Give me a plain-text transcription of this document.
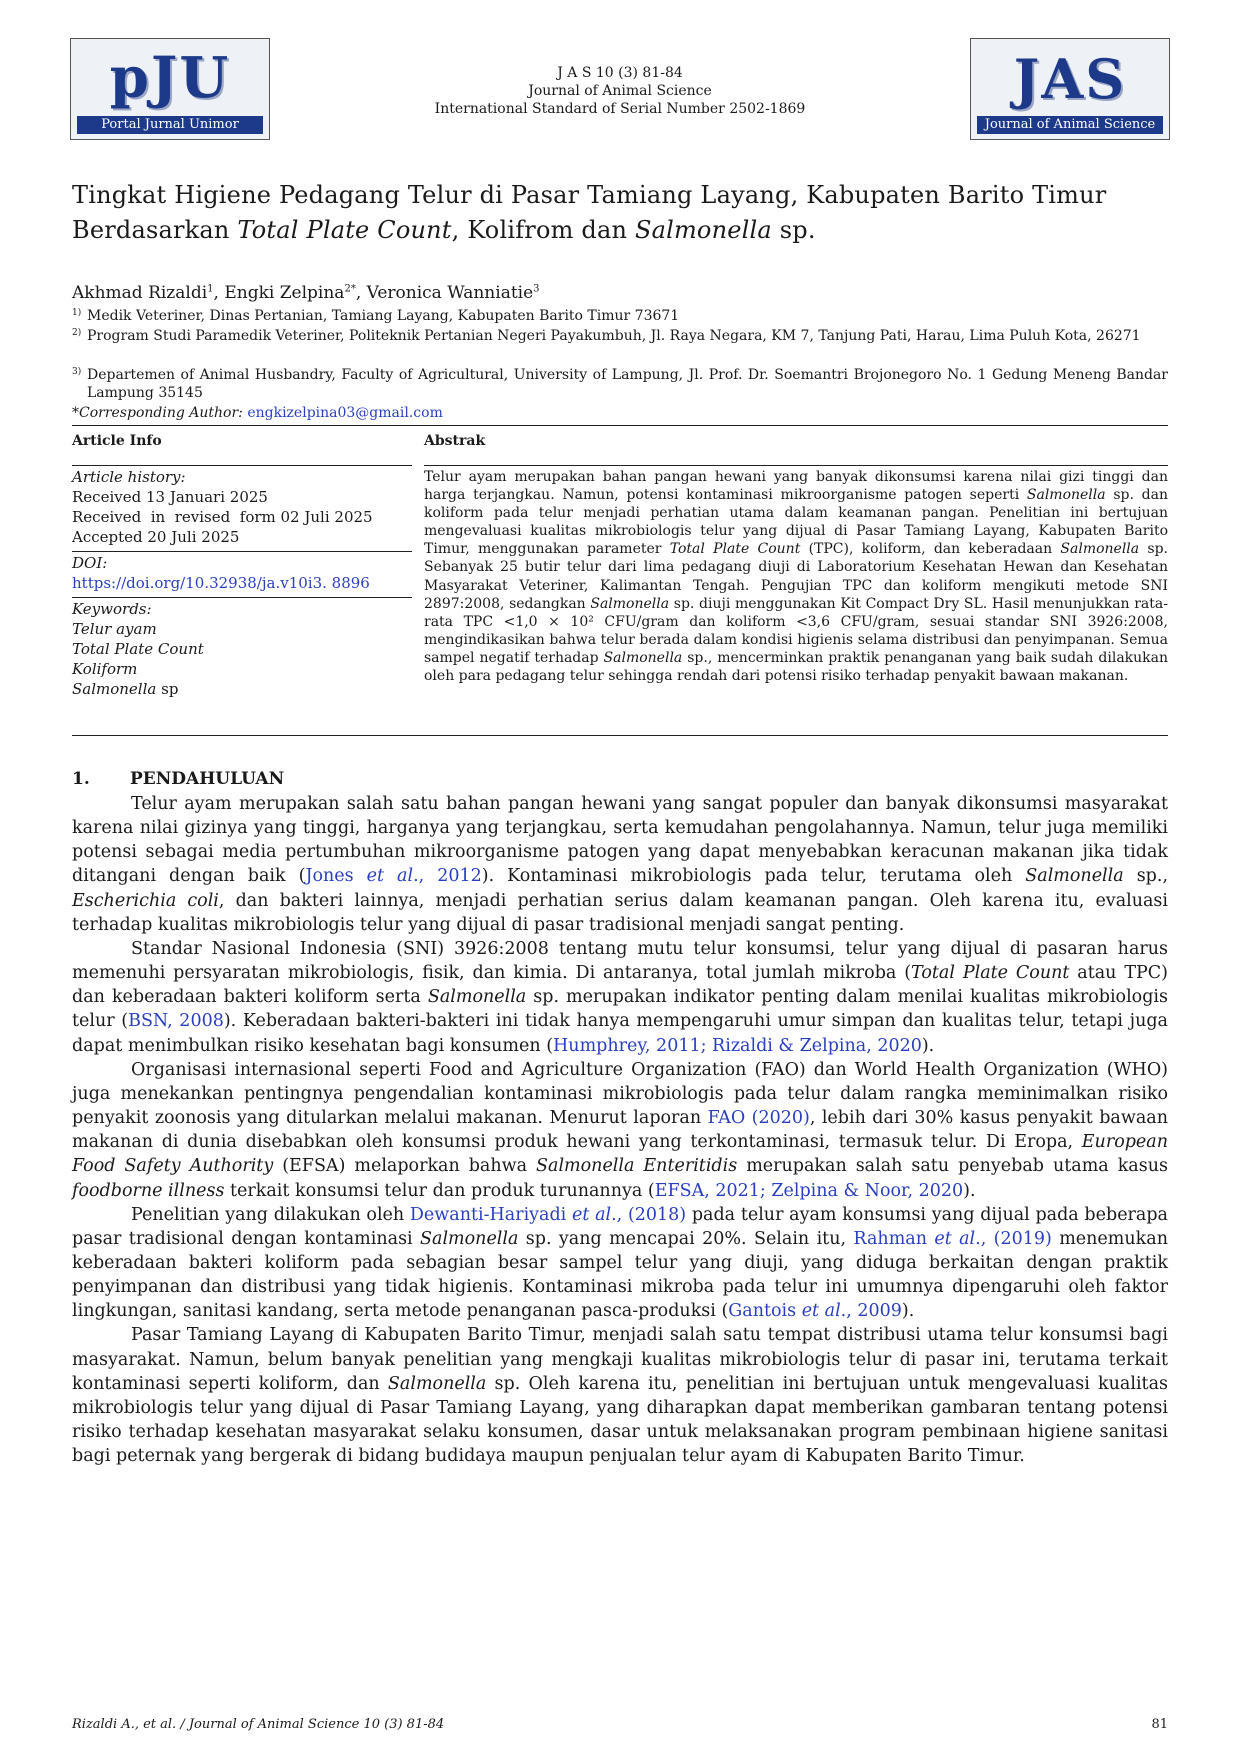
pJU
Portal Jurnal Unimor
J A S 10 (3) 81-84
Journal of Animal Science
International Standard of Serial Number 2502-1869	JAS
Journal of Animal Science
Tingkat Higiene Pedagang Telur di Pasar Tamiang Layang, Kabupaten Barito Timur
Berdasarkan Total Plate Count, Kolifrom dan Salmonella sp.
Akhmad Rizaldi$^1$, Engki Zelpina$^{2*}$, Veronica Wanniatie$^3$
1) Medik Veteriner, Dinas Pertanian, Tamiang Layang, Kabupaten Barito Timur 73671
2) Program Studi Paramedik Veteriner, Politeknik Pertanian Negeri Payakumbuh, Jl. Raya Negara, KM 7, Tanjung Pati, Harau, Lima Puluh Kota, 26271
3) Departemen of Animal Husbandry, Faculty of Agricultural, University of Lampung, Jl. Prof. Dr. Soemantri Brojonegoro No. 1 Gedung Meneng Bandar Lampung 35145
*Corresponding Author: engkizelpina03@gmail.com
Article Info	Abstrak
Article history:
Received 13 Januari 2025
Received  in  revised  form 02 Juli 2025
Accepted 20 Juli 2025
DOI:
https://doi.org/10.32938/ja.v10i3. 8896
Keywords:
Telur ayam
Total Plate Count
Koliform
Salmonella sp
Telur ayam merupakan bahan pangan hewani yang banyak dikonsumsi karena nilai gizi tinggi dan harga terjangkau. Namun, potensi kontaminasi mikroorganisme patogen seperti Salmonella sp. dan koliform pada telur menjadi perhatian utama dalam keamanan pangan. Penelitian ini bertujuan mengevaluasi kualitas mikrobiologis telur yang dijual di Pasar Tamiang Layang, Kabupaten Barito Timur, menggunakan parameter Total Plate Count (TPC), koliform, dan keberadaan Salmonella sp. Sebanyak 25 butir telur dari lima pedagang diuji di Laboratorium Kesehatan Hewan dan Kesehatan Masyarakat Veteriner, Kalimantan Tengah. Pengujian TPC dan koliform mengikuti metode SNI 2897:2008, sedangkan Salmonella sp. diuji menggunakan Kit Compact Dry SL. Hasil menunjukkan rata-rata TPC <1,0 × 10² CFU/gram dan koliform <3,6 CFU/gram, sesuai standar SNI 3926:2008, mengindikasikan bahwa telur berada dalam kondisi higienis selama distribusi dan penyimpanan. Semua sampel negatif terhadap Salmonella sp., mencerminkan praktik penanganan yang baik sudah dilakukan oleh para pedagang telur sehingga rendah dari potensi risiko terhadap penyakit bawaan makanan.
1. PENDAHULUAN

Telur ayam merupakan salah satu bahan pangan hewani yang sangat populer dan banyak dikonsumsi masyarakat karena nilai gizinya yang tinggi, harganya yang terjangkau, serta kemudahan pengolahannya. Namun, telur juga memiliki potensi sebagai media pertumbuhan mikroorganisme patogen yang dapat menyebabkan keracunan makanan jika tidak ditangani dengan baik (Jones et al., 2012). Kontaminasi mikrobiologis pada telur, terutama oleh Salmonella sp., Escherichia coli, dan bakteri lainnya, menjadi perhatian serius dalam keamanan pangan. Oleh karena itu, evaluasi terhadap kualitas mikrobiologis telur yang dijual di pasar tradisional menjadi sangat penting.

Standar Nasional Indonesia (SNI) 3926:2008 tentang mutu telur konsumsi, telur yang dijual di pasaran harus memenuhi persyaratan mikrobiologis, fisik, dan kimia. Di antaranya, total jumlah mikroba (Total Plate Count atau TPC) dan keberadaan bakteri koliform serta Salmonella sp. merupakan indikator penting dalam menilai kualitas mikrobiologis telur (BSN, 2008). Keberadaan bakteri-bakteri ini tidak hanya mempengaruhi umur simpan dan kualitas telur, tetapi juga dapat menimbulkan risiko kesehatan bagi konsumen (Humphrey, 2011; Rizaldi & Zelpina, 2020).

Organisasi internasional seperti Food and Agriculture Organization (FAO) dan World Health Organization (WHO) juga menekankan pentingnya pengendalian kontaminasi mikrobiologis pada telur dalam rangka meminimalkan risiko penyakit zoonosis yang ditularkan melalui makanan. Menurut laporan FAO (2020), lebih dari 30% kasus penyakit bawaan makanan di dunia disebabkan oleh konsumsi produk hewani yang terkontaminasi, termasuk telur. Di Eropa, European Food Safety Authority (EFSA) melaporkan bahwa Salmonella Enteritidis merupakan salah satu penyebab utama kasus foodborne illness terkait konsumsi telur dan produk turunannya (EFSA, 2021; Zelpina & Noor, 2020).

Penelitian yang dilakukan oleh Dewanti-Hariyadi et al., (2018) pada telur ayam konsumsi yang dijual pada beberapa pasar tradisional dengan kontaminasi Salmonella sp. yang mencapai 20%. Selain itu, Rahman et al., (2019) menemukan keberadaan bakteri koliform pada sebagian besar sampel telur yang diuji, yang diduga berkaitan dengan praktik penyimpanan dan distribusi yang tidak higienis. Kontaminasi mikroba pada telur ini umumnya dipengaruhi oleh faktor lingkungan, sanitasi kandang, serta metode penanganan pasca-produksi (Gantois et al., 2009).

Pasar Tamiang Layang di Kabupaten Barito Timur, menjadi salah satu tempat distribusi utama telur konsumsi bagi masyarakat. Namun, belum banyak penelitian yang mengkaji kualitas mikrobiologis telur di pasar ini, terutama terkait kontaminasi seperti koliform, dan Salmonella sp. Oleh karena itu, penelitian ini bertujuan untuk mengevaluasi kualitas mikrobiologis telur yang dijual di Pasar Tamiang Layang, yang diharapkan dapat memberikan gambaran tentang potensi risiko terhadap kesehatan masyarakat selaku konsumen, dasar untuk melaksanakan program pembinaan higiene sanitasi bagi peternak yang bergerak di bidang budidaya maupun penjualan telur ayam di Kabupaten Barito Timur.

Rizaldi A., et al. / Journal of Animal Science 10 (3) 81-84	81
